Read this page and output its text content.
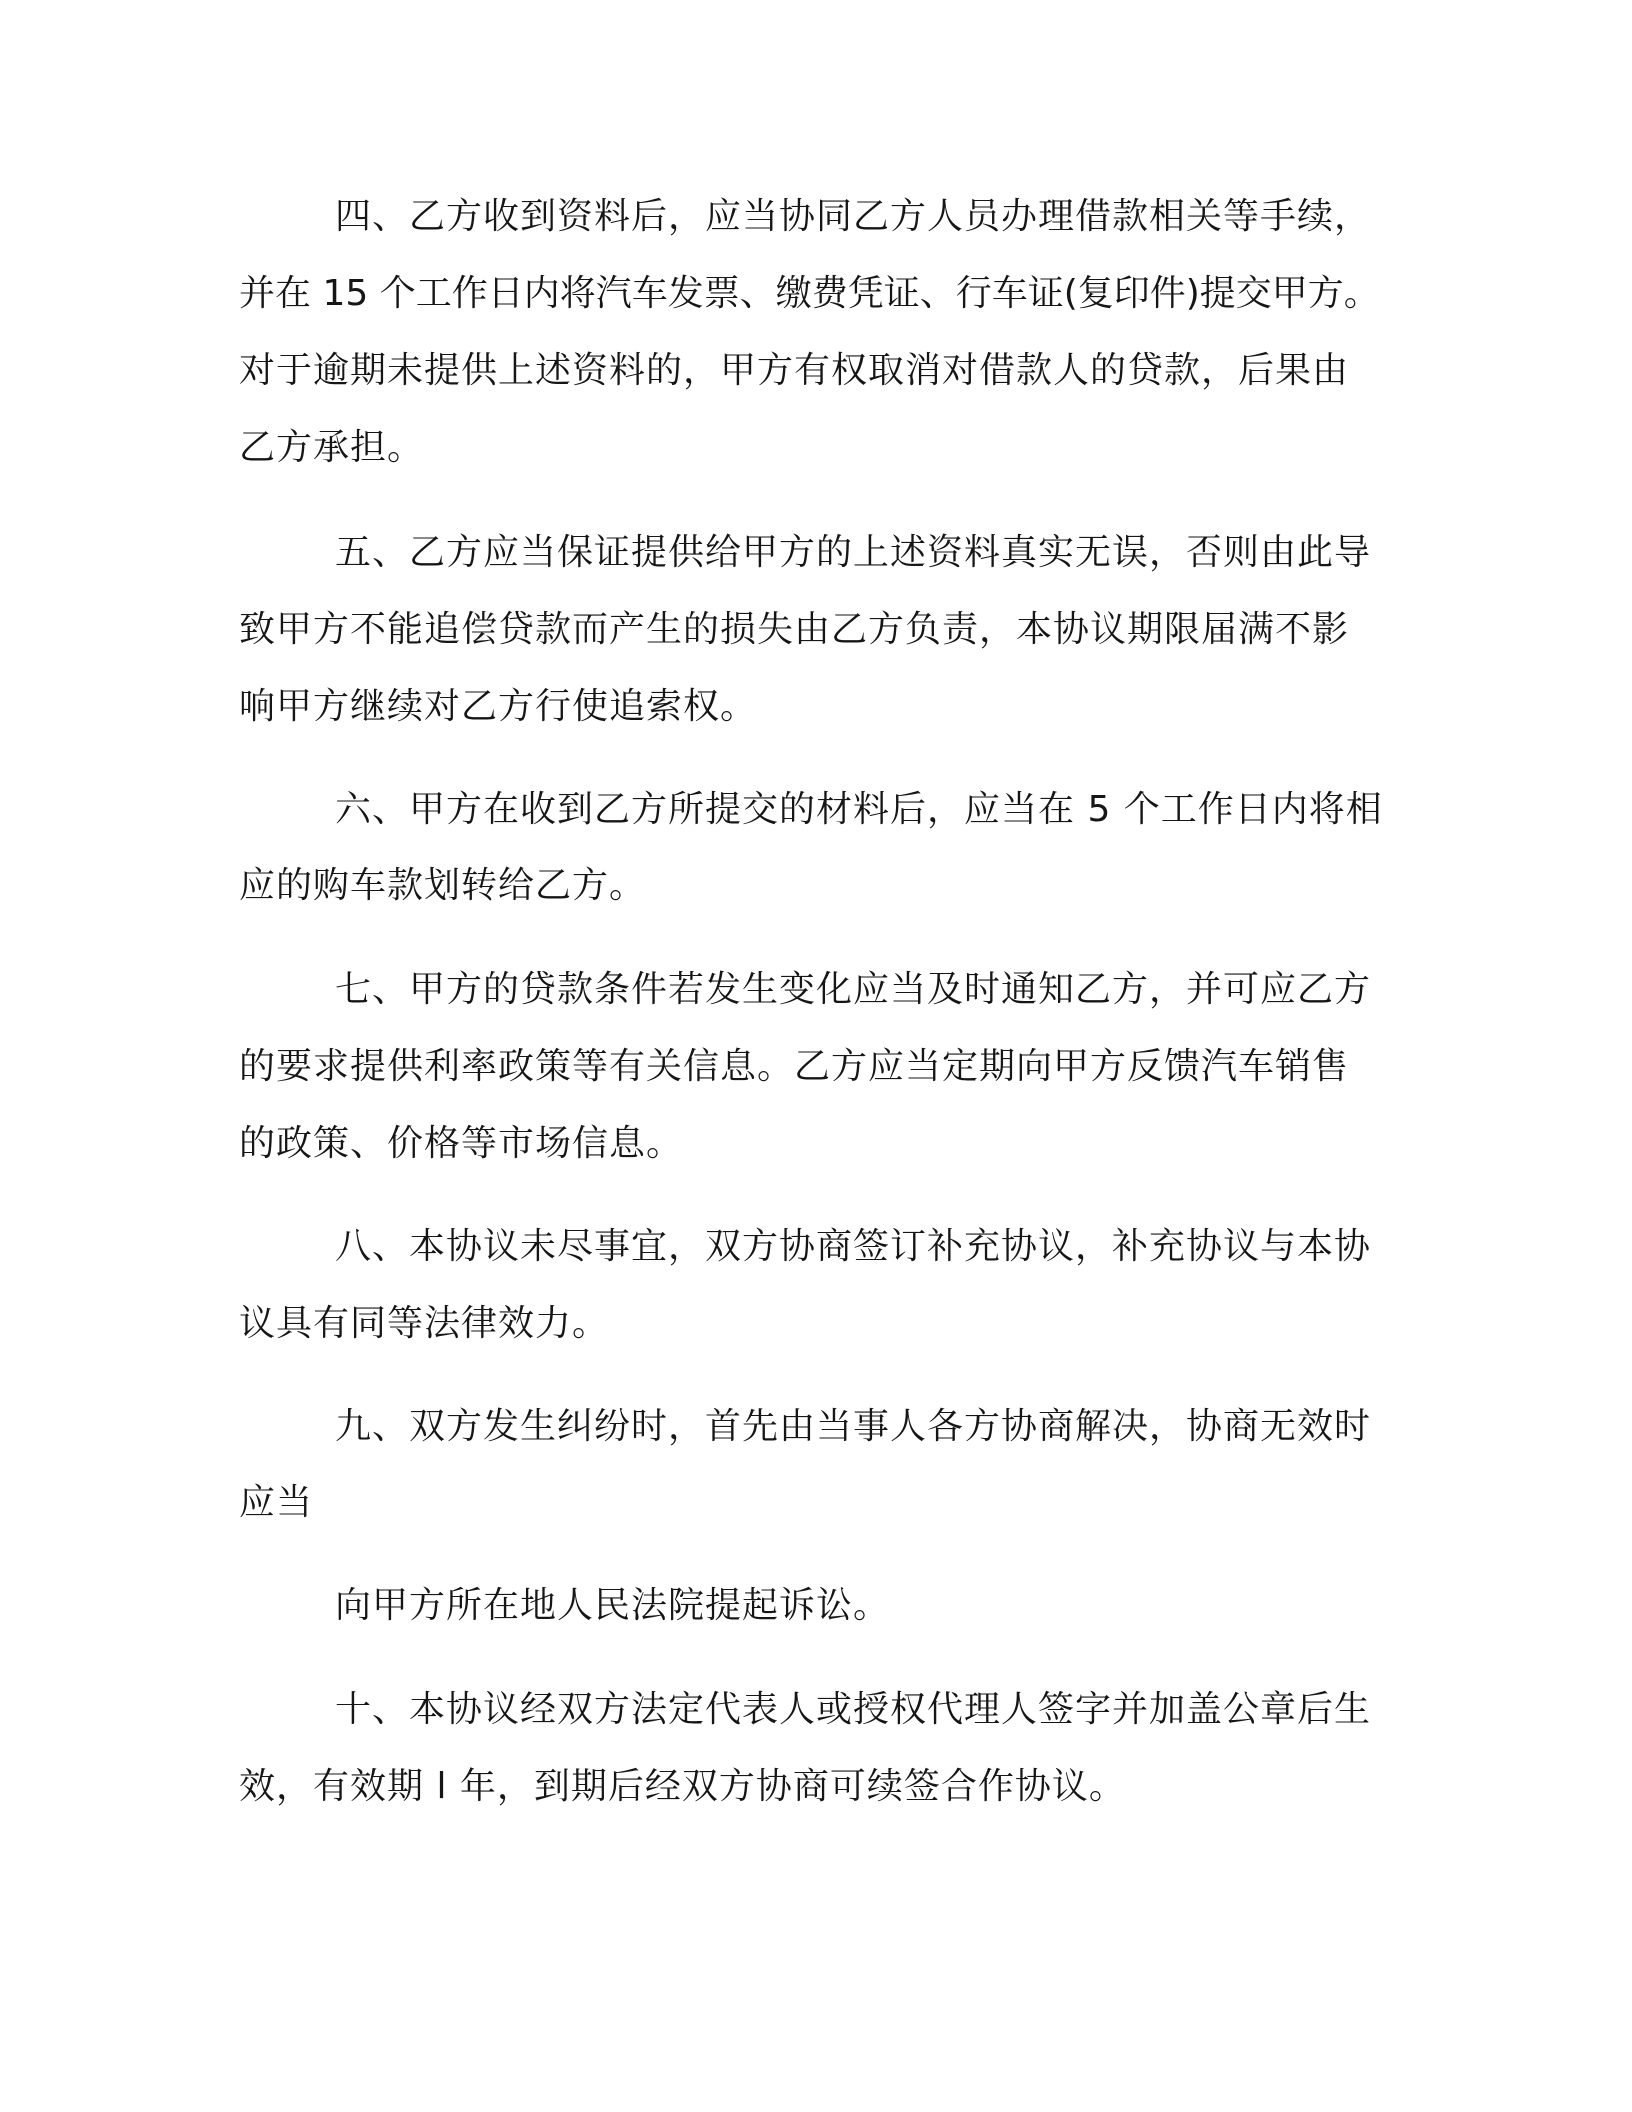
四、乙方收到资料后，应当协同乙方人员办理借款相关等手续，

并在 15 个工作日内将汽车发票、缴费凭证、行车证(复印件)提交甲方。

对于逾期未提供上述资料的，甲方有权取消对借款人的贷款，后果由

乙方承担。

五、乙方应当保证提供给甲方的上述资料真实无误，否则由此导

致甲方不能追偿贷款而产生的损失由乙方负责，本协议期限届满不影

响甲方继续对乙方行使追索权。

六、甲方在收到乙方所提交的材料后，应当在 5 个工作日内将相

应的购车款划转给乙方。

七、甲方的贷款条件若发生变化应当及时通知乙方，并可应乙方

的要求提供利率政策等有关信息。乙方应当定期向甲方反馈汽车销售

的政策、价格等市场信息。

八、本协议未尽事宜，双方协商签订补充协议，补充协议与本协

议具有同等法律效力。

九、双方发生纠纷时，首先由当事人各方协商解决，协商无效时

应当

向甲方所在地人民法院提起诉讼。

十、本协议经双方法定代表人或授权代理人签字并加盖公章后生

效，有效期 l 年，到期后经双方协商可续签合作协议。
